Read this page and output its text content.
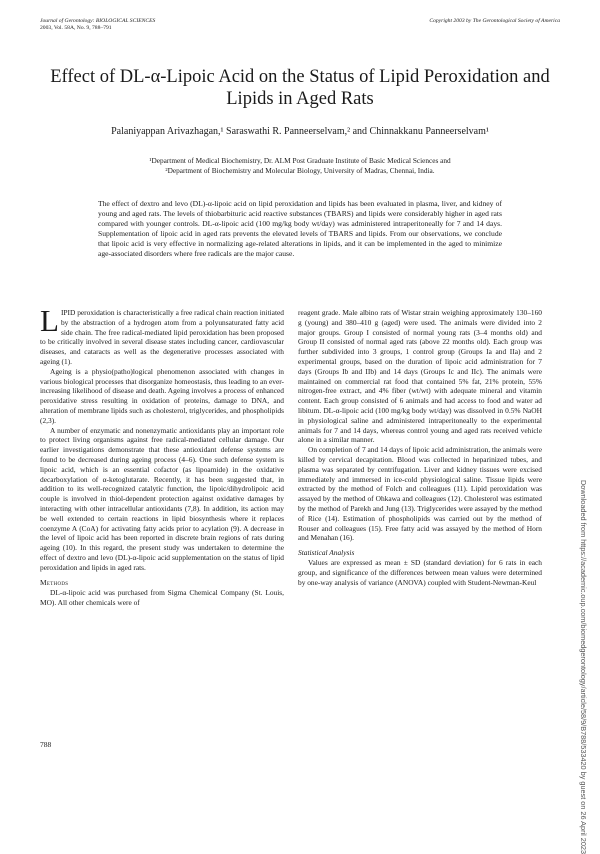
Journal of Gerontology: BIOLOGICAL SCIENCES
2003, Vol. 58A, No. 9, 788–791
Copyright 2003 by The Gerontological Society of America
Effect of DL-α-Lipoic Acid on the Status of Lipid Peroxidation and Lipids in Aged Rats
Palaniyappan Arivazhagan,¹ Saraswathi R. Panneerselvam,² and Chinnakkanu Panneerselvam¹
¹Department of Medical Biochemistry, Dr. ALM Post Graduate Institute of Basic Medical Sciences and
²Department of Biochemistry and Molecular Biology, University of Madras, Chennai, India.
The effect of dextro and levo (DL)-α-lipoic acid on lipid peroxidation and lipids has been evaluated in plasma, liver, and kidney of young and aged rats. The levels of thiobarbituric acid reactive substances (TBARS) and lipids were considerably higher in aged rats compared with younger controls. DL-α-lipoic acid (100 mg/kg body wt/day) was administered intraperitoneally for 7 and 14 days. Supplementation of lipoic acid in aged rats prevents the elevated levels of TBARS and lipids. From our observations, we conclude that lipoic acid is very effective in normalizing age-related alterations in lipids, and it can be implemented in the aged to minimize age-associated disorders where free radicals are the major cause.

LIPID peroxidation is characteristically a free radical chain reaction initiated by the abstraction of a hydrogen atom from a polyunsaturated fatty acid side chain. The free radical-mediated lipid peroxidation has been proposed to be critically involved in several disease states including cancer, cardiovascular diseases, and cataracts as well as the degenerative processes associated with ageing (1).

Ageing is a physio(patho)logical phenomenon associated with changes in various biological processes that disorganize homeostasis, thus leading to an ever-increasing likelihood of disease and death. Ageing involves a process of enhanced peroxidative stress resulting in oxidation of proteins, damage to DNA, and alteration of membrane lipids such as cholesterol, triglycerides, and phospholipids (2,3).

A number of enzymatic and nonenzymatic antioxidants play an important role to protect living organisms against free radical-mediated cellular damage. Our earlier investigations demonstrate that these antioxidant defense systems are found to be decreased during ageing process (4–6). One such defense system is lipoic acid, which is an essential cofactor (as lipoamide) in the oxidative decarboxylation of α-ketoglutarate. Recently, it has been suggested that, in addition to its well-recognized catalytic function, the lipoic/dihydrolipoic acid couple is involved in thiol-dependent protection against oxidative damages by interacting with other intracellular antioxidants (7,8). In addition, its action may be well extended to certain reactions in lipid biosynthesis where it replaces coenzyme A (CoA) for activating fatty acids prior to acylation (9). A decrease in the level of lipoic acid has been reported in discrete brain regions of rats during ageing (10). In this regard, the present study was undertaken to determine the effect of dextro and levo (DL)-α-lipoic acid supplementation on the status of lipid peroxidation and lipids in aged rats.

Methods

DL-α-lipoic acid was purchased from Sigma Chemical Company (St. Louis, MO). All other chemicals were of

reagent grade. Male albino rats of Wistar strain weighing approximately 130–160 g (young) and 380–410 g (aged) were used. The animals were divided into 2 major groups. Group I consisted of normal young rats (3–4 months old) and Group II consisted of normal aged rats (above 22 months old). Each group was further subdivided into 3 groups, 1 control group (Groups Ia and IIa) and 2 experimental groups, based on the duration of lipoic acid administration for 7 days (Groups Ib and IIb) and 14 days (Groups Ic and IIc). The animals were maintained on commercial rat food that contained 5% fat, 21% protein, 55% nitrogen-free extract, and 4% fiber (wt/wt) with adequate mineral and vitamin content. Each group consisted of 6 animals and had access to food and water ad libitum. DL-α-lipoic acid (100 mg/kg body wt/day) was dissolved in 0.5% NaOH in physiological saline and administered intraperitoneally to the experimental animals for 7 and 14 days, whereas control young and aged rats received vehicle alone in a similar manner.

On completion of 7 and 14 days of lipoic acid administration, the animals were killed by cervical decapitation. Blood was collected in heparinized tubes, and plasma was separated by centrifugation. Liver and kidney tissues were excised immediately and immersed in ice-cold physiological saline. Tissue lipids were extracted by the method of Folch and colleagues (11). Lipid peroxidation was assayed by the method of Ohkawa and colleagues (12). Cholesterol was estimated by the method of Parekh and Jung (13). Triglycerides were assayed by the method of Rice (14). Estimation of phospholipids was carried out by the method of Rouser and colleagues (15). Free fatty acid was assayed by the method of Horn and Menahan (16).

Statistical Analysis

Values are expressed as mean ± SD (standard deviation) for 6 rats in each group, and significance of the differences between mean values were determined by one-way analysis of variance (ANOVA) coupled with Student-Newman-Keul

788	Downloaded from https://academic.oup.com/biomedgerontology/article/58/9/B788/533420 by guest on 26 April 2023
